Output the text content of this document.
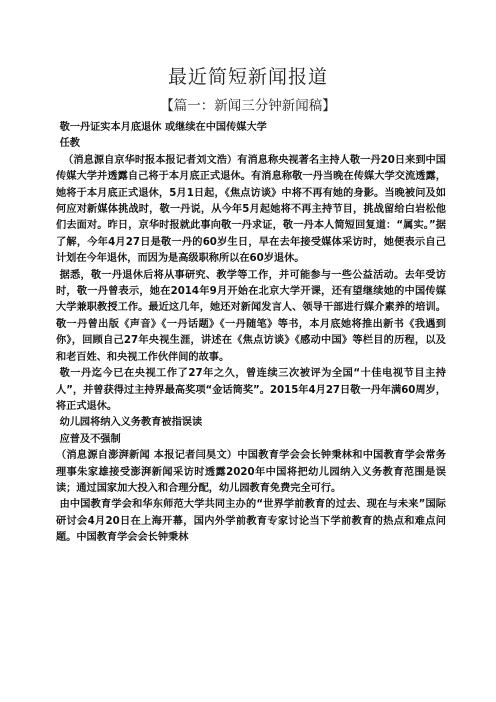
最近简短新闻报道
【篇一：新闻三分钟新闻稿】

敬一丹证实本月底退休 或继续在中国传媒大学

任教

（消息源自京华时报本报记者刘文浩）有消息称央视著名主持人敬一丹20日来到中国传媒大学并透露自己将于本月底正式退休。有消息称敬一丹当晚在传媒大学交流透露，她将于本月底正式退休，5月1日起，《焦点访谈》中将不再有她的身影。当晚被问及如何应对新媒体挑战时，敬一丹说，从今年5月起她将不再主持节目，挑战留给白岩松他们去面对。昨日，京华时报就此事向敬一丹求证，敬一丹本人简短回复道：“属实。”据了解，今年4月27日是敬一丹的60岁生日，早在去年接受媒体采访时，她便表示自己计划在今年退休，而因为是高级职称所以在60岁退休。

据悉，敬一丹退休后将从事研究、教学等工作，并可能参与一些公益活动。去年受访时，敬一丹曾表示，她在2014年9月开始在北京大学开课，还有望继续她的中国传媒大学兼职教授工作。最近这几年，她还对新闻发言人、领导干部进行媒介素养的培训。敬一丹曾出版《声音》《一丹话题》《一丹随笔》等书，本月底她将推出新书《我遇到你》，回顾自己27年央视生涯，讲述在《焦点访谈》《感动中国》等栏目的历程，以及和老百姓、和央视工作伙伴间的故事。

敬一丹迄今已在央视工作了27年之久，曾连续三次被评为全国“十佳电视节目主持人”，并曾获得过主持界最高奖项“金话筒奖”。2015年4月27日敬一丹年满60周岁，将正式退休。

幼儿园将纳入义务教育被指误读

应普及不强制

（消息源自澎湃新闻 本报记者闫昊文）中国教育学会会长钟秉林和中国教育学会常务理事朱家雄接受澎湃新闻采访时透露2020年中国将把幼儿园纳入义务教育范围是误读；通过国家加大投入和合理分配，幼儿园教育免费完全可行。

由中国教育学会和华东师范大学共同主办的“世界学前教育的过去、现在与未来”国际研讨会4月20日在上海开幕，国内外学前教育专家讨论当下学前教育的热点和难点问题。中国教育学会会长钟秉林
